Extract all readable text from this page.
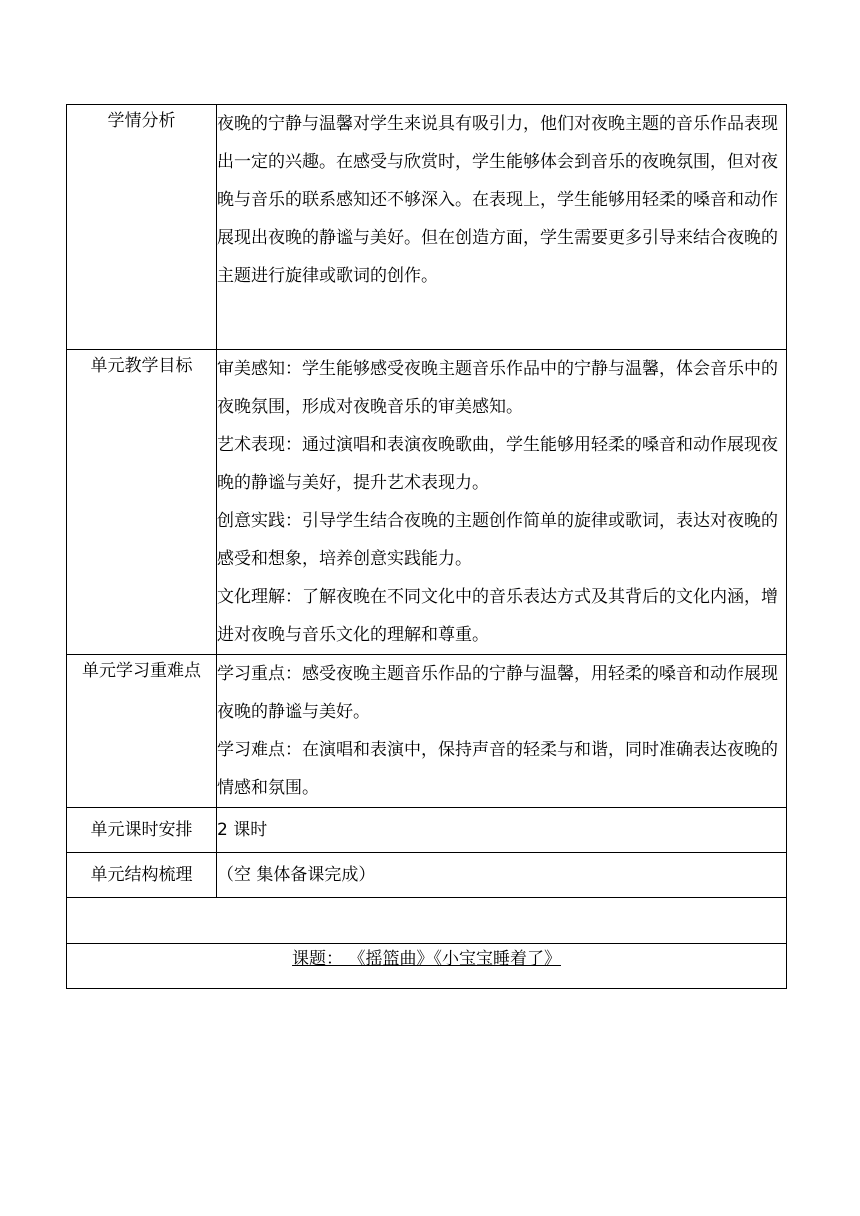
学情分析	夜晚的宁静与温馨对学生来说具有吸引力，他们对夜晚主题的音乐作品表现出一定的兴趣。在感受与欣赏时，学生能够体会到音乐的夜晚氛围，但对夜晚与音乐的联系感知还不够深入。在表现上，学生能够用轻柔的嗓音和动作展现出夜晚的静谧与美好。但在创造方面，学生需要更多引导来结合夜晚的主题进行旋律或歌词的创作。

单元教学目标	审美感知：学生能够感受夜晚主题音乐作品中的宁静与温馨，体会音乐中的夜晚氛围，形成对夜晚音乐的审美感知。

艺术表现：通过演唱和表演夜晚歌曲，学生能够用轻柔的嗓音和动作展现夜晚的静谧与美好，提升艺术表现力。

创意实践：引导学生结合夜晚的主题创作简单的旋律或歌词，表达对夜晚的感受和想象，培养创意实践能力。

文化理解：了解夜晚在不同文化中的音乐表达方式及其背后的文化内涵，增进对夜晚与音乐文化的理解和尊重。

单元学习重难点	学习重点：感受夜晚主题音乐作品的宁静与温馨，用轻柔的嗓音和动作展现夜晚的静谧与美好。

学习难点：在演唱和表演中，保持声音的轻柔与和谐，同时准确表达夜晚的情感和氛围。

单元课时安排	2 课时

单元结构梳理	（空 集体备课完成）

课题： 《摇篮曲》《小宝宝睡着了》	
